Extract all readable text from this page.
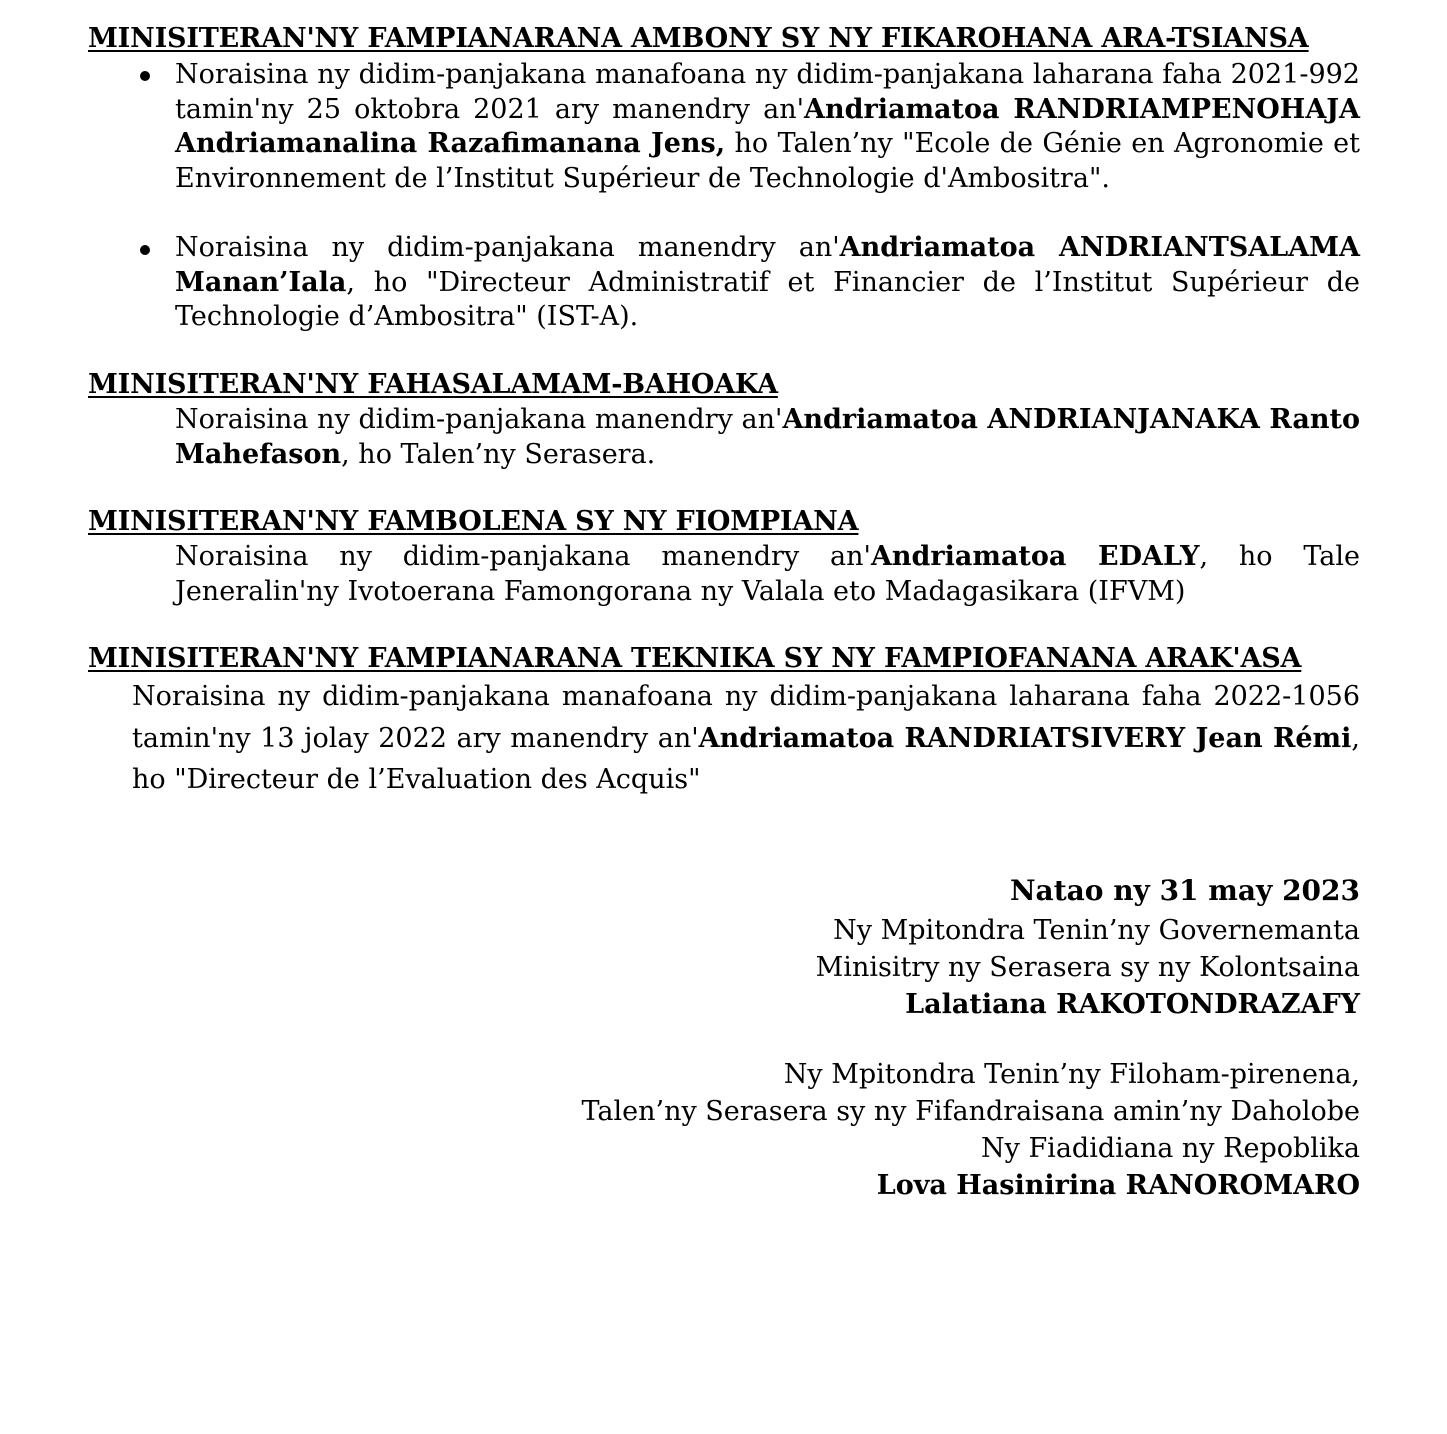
MINISITERAN'NY FAMPIANARANA AMBONY SY NY FIKAROHANA ARA-TSIANSA

Noraisina ny didim-panjakana manafoana ny didim-panjakana laharana faha 2021-992 tamin'ny 25 oktobra 2021 ary manendry an'Andriamatoa RANDRIAMPENOHAJA Andriamanalina Razafimanana Jens, ho Talen’ny "Ecole de Génie en Agronomie et Environnement de l’Institut Supérieur de Technologie d'Ambositra".

Noraisina ny didim-panjakana manendry an'Andriamatoa ANDRIANTSALAMA Manan’Iala, ho "Directeur Administratif et Financier de l’Institut Supérieur de Technologie d’Ambositra" (IST-A).

MINISITERAN'NY FAHASALAMAM-BAHOAKA

Noraisina ny didim-panjakana manendry an'Andriamatoa ANDRIANJANAKA Ranto Mahefason, ho Talen’ny Serasera.

MINISITERAN'NY FAMBOLENA SY NY FIOMPIANA

Noraisina ny didim-panjakana manendry an'Andriamatoa EDALY, ho Tale Jeneralin'ny Ivotoerana Famongorana ny Valala eto Madagasikara (IFVM)

MINISITERAN'NY FAMPIANARANA TEKNIKA SY NY FAMPIOFANANA ARAK'ASA

Noraisina ny didim-panjakana manafoana ny didim-panjakana laharana faha 2022-1056 tamin'ny 13 jolay 2022 ary manendry an'Andriamatoa RANDRIATSIVERY Jean Rémi, ho "Directeur de l’Evaluation des Acquis"

Natao ny 31 may 2023
Ny Mpitondra Tenin’ny Governemanta
Minisitry ny Serasera sy ny Kolontsaina
Lalatiana RAKOTONDRAZAFY
Ny Mpitondra Tenin’ny Filoham-pirenena,
Talen’ny Serasera sy ny Fifandraisana amin’ny Daholobe
Ny Fiadidiana ny Repoblika
Lova Hasinirina RANOROMARO
